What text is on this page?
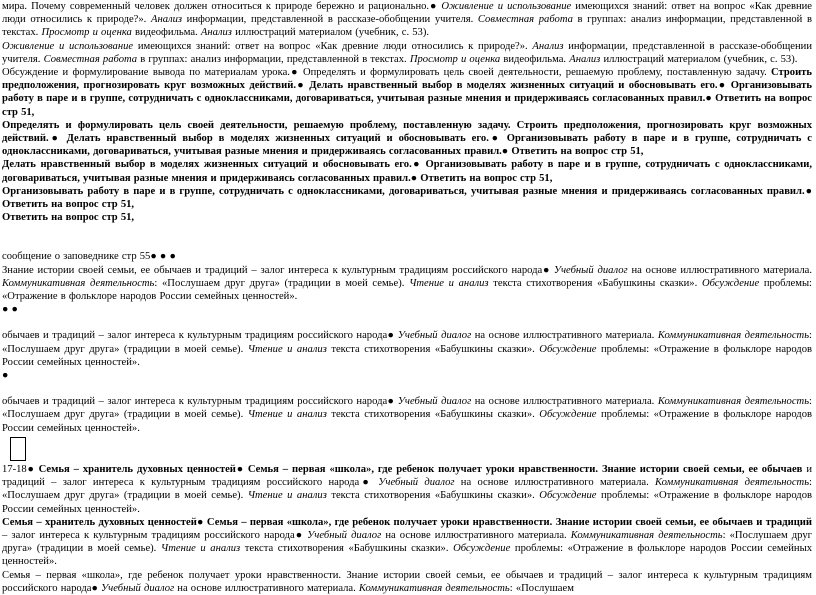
мира. Почему современный человек должен относиться к природе бережно и рационально.● Оживление и использование имеющихся знаний: ответ на вопрос «Как древние люди относились к природе?». Анализ информации, представленной в рассказе-обобщении учителя. Совместная работа в группах: анализ информации, представленной в текстах. Просмотр и оценка видеофильма. Анализ иллюстраций материалом (учебник, с. 53).

Оживление и использование имеющихся знаний: ответ на вопрос «Как древние люди относились к природе?». Анализ информации, представленной в рассказе-обобщении учителя. Совместная работа в группах: анализ информации, представленной в текстах. Просмотр и оценка видеофильма. Анализ иллюстраций материалом (учебник, с. 53).

Обсуждение и формулирование вывода по материалам урока.● Определять и формулировать цель своей деятельности, решаемую проблему, поставленную задачу. Строить предположения, прогнозировать круг возможных действий.● Делать нравственный выбор в моделях жизненных ситуаций и обосновывать его.● Организовывать работу в паре и в группе, сотрудничать с одноклассниками, договариваться, учитывая разные мнения и придерживаясь согласованных правил.● Ответить на вопрос стр 51,

Определять и формулировать цель своей деятельности, решаемую проблему, поставленную задачу. Строить предположения, прогнозировать круг возможных действий.● Делать нравственный выбор в моделях жизненных ситуаций и обосновывать его.● Организовывать работу в паре и в группе, сотрудничать с одноклассниками, договариваться, учитывая разные мнения и придерживаясь согласованных правил.● Ответить на вопрос стр 51,

Делать нравственный выбор в моделях жизненных ситуаций и обосновывать его.● Организовывать работу в паре и в группе, сотрудничать с одноклассниками, договариваться, учитывая разные мнения и придерживаясь согласованных правил.● Ответить на вопрос стр 51,

Организовывать работу в паре и в группе, сотрудничать с одноклассниками, договариваться, учитывая разные мнения и придерживаясь согласованных правил.● Ответить на вопрос стр 51,

Ответить на вопрос стр 51,

сообщение о заповеднике стр 55● ● ●

Знание истории своей семьи, ее обычаев и традиций – залог интереса к культурным традициям российского народа● Учебный диалог на основе иллюстративного материала. Коммуникативная деятельность: «Послушаем друг друга» (традиции в моей семье). Чтение и анализ текста стихотворения «Бабушкины сказки». Обсуждение проблемы: «Отражение в фольклоре народов России семейных ценностей».

● ●

обычаев и традиций – залог интереса к культурным традициям российского народа● Учебный диалог на основе иллюстративного материала. Коммуникативная деятельность: «Послушаем друг друга» (традиции в моей семье). Чтение и анализ текста стихотворения «Бабушкины сказки». Обсуждение проблемы: «Отражение в фольклоре народов России семейных ценностей».

●

обычаев и традиций – залог интереса к культурным традициям российского народа● Учебный диалог на основе иллюстративного материала. Коммуникативная деятельность: «Послушаем друг друга» (традиции в моей семье). Чтение и анализ текста стихотворения «Бабушкины сказки». Обсуждение проблемы: «Отражение в фольклоре народов России семейных ценностей».

17-18● Семья – хранитель духовных ценностей● Семья – первая «школа», где ребенок получает уроки нравственности. Знание истории своей семьи, ее обычаев и традиций – залог интереса к культурным традициям российского народа● Учебный диалог на основе иллюстративного материала. Коммуникативная деятельность: «Послушаем друг друга» (традиции в моей семье). Чтение и анализ текста стихотворения «Бабушкины сказки». Обсуждение проблемы: «Отражение в фольклоре народов России семейных ценностей».

Семья – хранитель духовных ценностей● Семья – первая «школа», где ребенок получает уроки нравственности. Знание истории своей семьи, ее обычаев и традиций – залог интереса к культурным традициям российского народа● Учебный диалог на основе иллюстративного материала. Коммуникативная деятельность: «Послушаем друг друга» (традиции в моей семье). Чтение и анализ текста стихотворения «Бабушкины сказки». Обсуждение проблемы: «Отражение в фольклоре народов России семейных ценностей».

Семья – первая «школа», где ребенок получает уроки нравственности. Знание истории своей семьи, ее обычаев и традиций – залог интереса к культурным традициям российского народа● Учебный диалог на основе иллюстративного материала. Коммуникативная деятельность: «Послушаем
